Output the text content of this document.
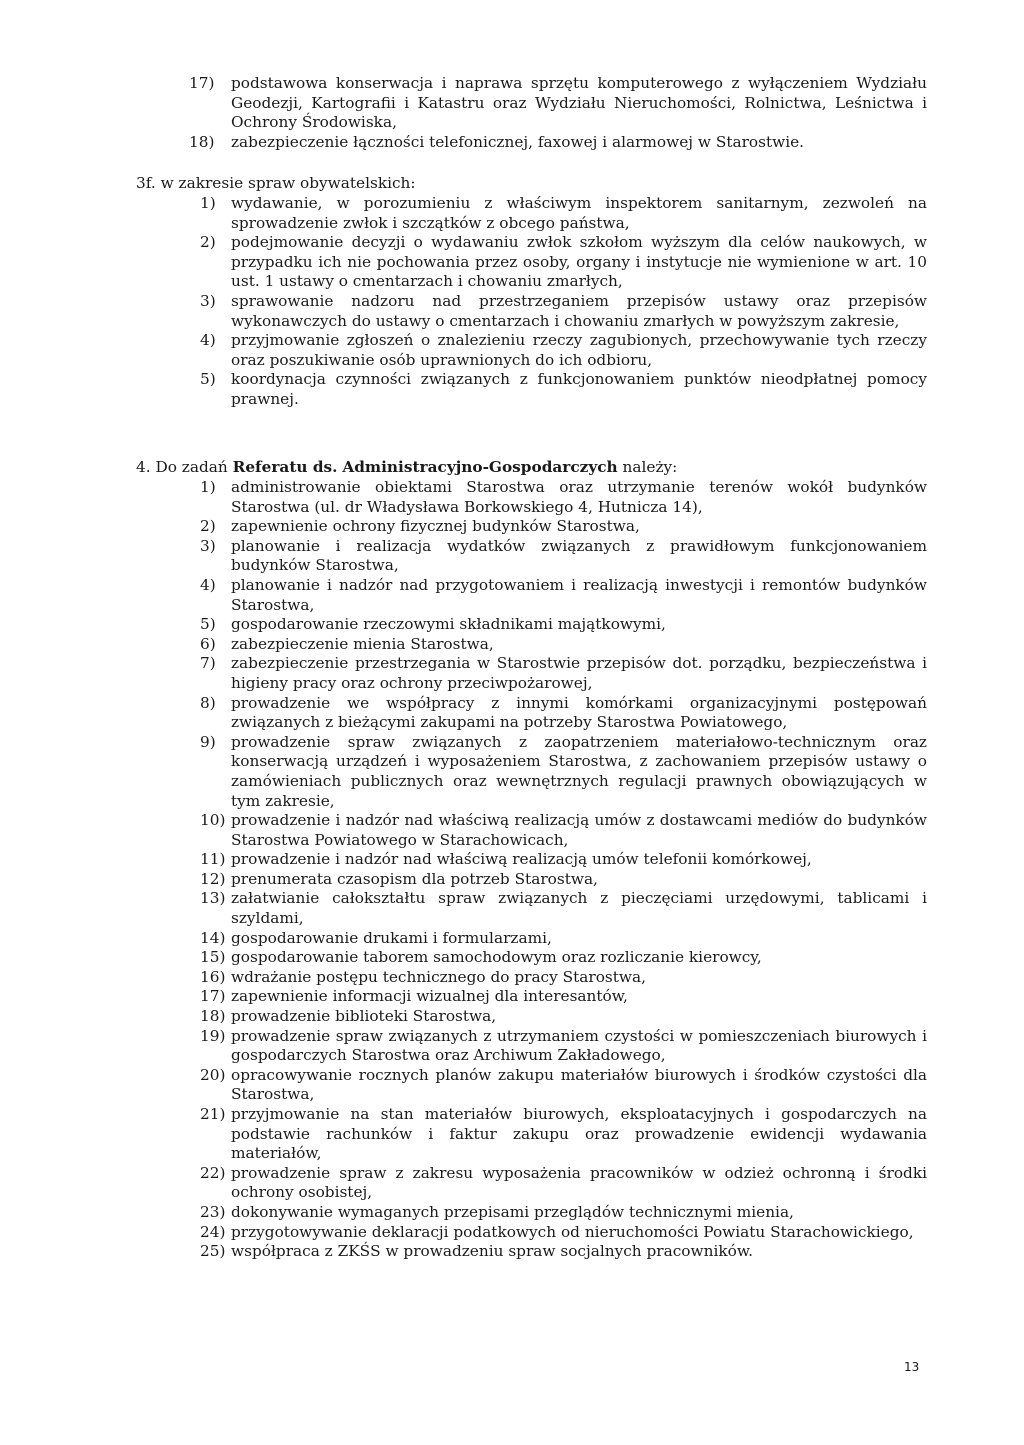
17)	podstawowa konserwacja i naprawa sprzętu komputerowego z wyłączeniem Wydziału Geodezji, Kartografii i Katastru oraz Wydziału Nieruchomości, Rolnictwa, Leśnictwa i Ochrony Środowiska,
18)	zabezpieczenie łączności telefonicznej, faxowej i alarmowej w Starostwie.
3f. w zakresie spraw obywatelskich:
1) wydawanie, w porozumieniu z właściwym inspektorem sanitarnym, zezwoleń na sprowadzenie zwłok i szczątków z obcego państwa,
2) podejmowanie decyzji o wydawaniu zwłok szkołom wyższym dla celów naukowych, w przypadku ich nie pochowania przez osoby, organy i instytucje nie wymienione w art. 10 ust. 1 ustawy o cmentarzach i chowaniu zmarłych,
3) sprawowanie nadzoru nad przestrzeganiem przepisów ustawy oraz przepisów wykonawczych do ustawy o cmentarzach i chowaniu zmarłych w powyższym zakresie,
4) przyjmowanie zgłoszeń o znalezieniu rzeczy zagubionych, przechowywanie tych rzeczy oraz poszukiwanie osób uprawnionych do ich odbioru,
5) koordynacja czynności związanych z funkcjonowaniem punktów nieodpłatnej pomocy prawnej.
4. Do zadań Referatu ds. Administracyjno-Gospodarczych należy:
1) administrowanie obiektami Starostwa oraz utrzymanie terenów wokół budynków Starostwa (ul. dr Władysława Borkowskiego 4, Hutnicza 14),
2) zapewnienie ochrony fizycznej budynków Starostwa,
3) planowanie i realizacja wydatków związanych z prawidłowym funkcjonowaniem budynków Starostwa,
4) planowanie i nadzór nad przygotowaniem i realizacją inwestycji i remontów budynków Starostwa,
5) gospodarowanie rzeczowymi składnikami majątkowymi,
6) zabezpieczenie mienia Starostwa,
7) zabezpieczenie przestrzegania w Starostwie przepisów dot. porządku, bezpieczeństwa i higieny pracy oraz ochrony przeciwpożarowej,
8) prowadzenie we współpracy z innymi komórkami organizacyjnymi postępowań związanych z bieżącymi zakupami na potrzeby Starostwa Powiatowego,
9) prowadzenie spraw związanych z zaopatrzeniem materiałowo-technicznym oraz konserwacją urządzeń i wyposażeniem Starostwa, z zachowaniem przepisów ustawy o zamówieniach publicznych oraz wewnętrznych regulacji prawnych obowiązujących w tym zakresie,
10) prowadzenie i nadzór nad właściwą realizacją umów z dostawcami mediów do budynków Starostwa Powiatowego w Starachowicach,
11) prowadzenie i nadzór nad właściwą realizacją umów telefonii komórkowej,
12) prenumerata czasopism dla potrzeb Starostwa,
13) załatwianie całokształtu spraw związanych z pieczęciami urzędowymi, tablicami i szyldami,
14) gospodarowanie drukami i formularzami,
15) gospodarowanie taborem samochodowym oraz rozliczanie kierowcy,
16) wdrażanie postępu technicznego do pracy Starostwa,
17) zapewnienie informacji wizualnej dla interesantów,
18) prowadzenie biblioteki Starostwa,
19) prowadzenie spraw związanych z utrzymaniem czystości w pomieszczeniach biurowych i gospodarczych Starostwa oraz Archiwum Zakładowego,
20) opracowywanie rocznych planów zakupu materiałów biurowych i środków czystości dla Starostwa,
21) przyjmowanie na stan materiałów biurowych, eksploatacyjnych i gospodarczych na podstawie rachunków i faktur zakupu oraz prowadzenie ewidencji wydawania materiałów,
22) prowadzenie spraw z zakresu wyposażenia pracowników w odzież ochronną i środki ochrony osobistej,
23) dokonywanie wymaganych przepisami przeglądów technicznymi mienia,
24) przygotowywanie deklaracji podatkowych od nieruchomości Powiatu Starachowickiego,
25) współpraca z ZKŚS w prowadzeniu spraw socjalnych pracowników.
13
